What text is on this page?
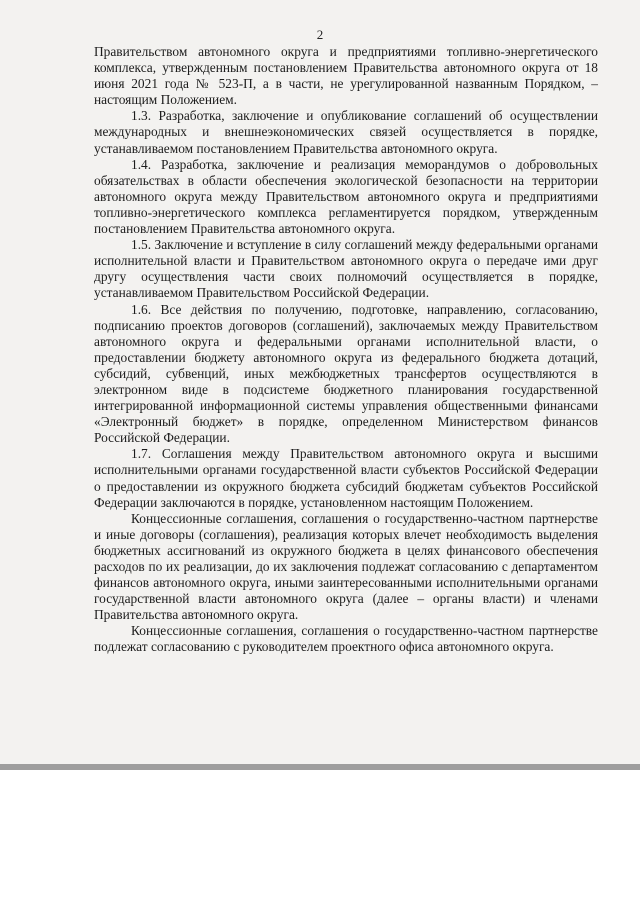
2

Правительством автономного округа и предприятиями топливно-энергетического комплекса, утвержденным постановлением Правительства автономного округа от 18 июня 2021 года № 523-П, а в части, не урегулированной названным Порядком, – настоящим Положением.

1.3. Разработка, заключение и опубликование соглашений об осуществлении международных и внешнеэкономических связей осуществляется в порядке, устанавливаемом постановлением Правительства автономного округа.

1.4. Разработка, заключение и реализация меморандумов о добровольных обязательствах в области обеспечения экологической безопасности на территории автономного округа между Правительством автономного округа и предприятиями топливно-энергетического комплекса регламентируется порядком, утвержденным постановлением Правительства автономного округа.

1.5. Заключение и вступление в силу соглашений между федеральными органами исполнительной власти и Правительством автономного округа о передаче ими друг другу осуществления части своих полномочий осуществляется в порядке, устанавливаемом Правительством Российской Федерации.

1.6. Все действия по получению, подготовке, направлению, согласованию, подписанию проектов договоров (соглашений), заключаемых между Правительством автономного округа и федеральными органами исполнительной власти, о предоставлении бюджету автономного округа из федерального бюджета дотаций, субсидий, субвенций, иных межбюджетных трансфертов осуществляются в электронном виде в подсистеме бюджетного планирования государственной интегрированной информационной системы управления общественными финансами «Электронный бюджет» в порядке, определенном Министерством финансов Российской Федерации.

1.7. Соглашения между Правительством автономного округа и высшими исполнительными органами государственной власти субъектов Российской Федерации о предоставлении из окружного бюджета субсидий бюджетам субъектов Российской Федерации заключаются в порядке, установленном настоящим Положением.

Концессионные соглашения, соглашения о государственно-частном партнерстве и иные договоры (соглашения), реализация которых влечет необходимость выделения бюджетных ассигнований из окружного бюджета в целях финансового обеспечения расходов по их реализации, до их заключения подлежат согласованию с департаментом финансов автономного округа, иными заинтересованными исполнительными органами государственной власти автономного округа (далее – органы власти) и членами Правительства автономного округа.

Концессионные соглашения, соглашения о государственно-частном партнерстве подлежат согласованию с руководителем проектного офиса автономного округа.
